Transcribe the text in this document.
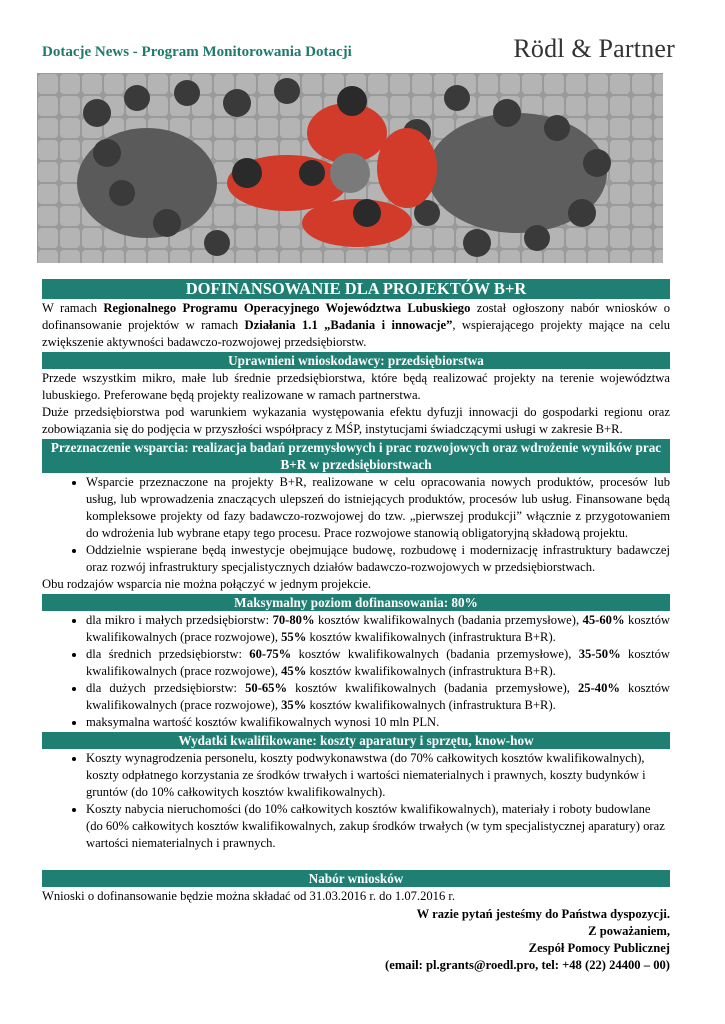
Dotacje News - Program Monitorowania Dotacji	Rödl & Partner
DOFINANSOWANIE DLA PROJEKTÓW B+R

W ramach Regionalnego Programu Operacyjnego Województwa Lubuskiego został ogłoszony nabór wniosków o dofinansowanie projektów w ramach Działania 1.1 „Badania i innowacje”, wspierającego projekty mające na celu zwiększenie aktywności badawczo-rozwojowej przedsiębiorstw.

Uprawnieni wnioskodawcy: przedsiębiorstwa

Przede wszystkim mikro, małe lub średnie przedsiębiorstwa, które będą realizować projekty na terenie województwa lubuskiego. Preferowane będą projekty realizowane w ramach partnerstwa.

Duże przedsiębiorstwa pod warunkiem wykazania występowania efektu dyfuzji innowacji do gospodarki regionu oraz zobowiązania się do podjęcia w przyszłości współpracy z MŚP, instytucjami świadczącymi usługi w zakresie B+R.

Przeznaczenie wsparcia: realizacja badań przemysłowych i prac rozwojowych oraz wdrożenie wyników prac B+R w przedsiębiorstwach
• Wsparcie przeznaczone na projekty B+R, realizowane w celu opracowania nowych produktów, procesów lub usług, lub wprowadzenia znaczących ulepszeń do istniejących produktów, procesów lub usług. Finansowane będą kompleksowe projekty od fazy badawczo-rozwojowej do tzw. „pierwszej produkcji” włącznie z przygotowaniem do wdrożenia lub wybrane etapy tego procesu. Prace rozwojowe stanowią obligatoryjną składową projektu.
• Oddzielnie wspierane będą inwestycje obejmujące budowę, rozbudowę i modernizację infrastruktury badawczej oraz rozwój infrastruktury specjalistycznych działów badawczo-rozwojowych w przedsiębiorstwach.

Obu rodzajów wsparcia nie można połączyć w jednym projekcie.

Maksymalny poziom dofinansowania: 80%
• dla mikro i małych przedsiębiorstw: 70-80% kosztów kwalifikowalnych (badania przemysłowe), 45-60% kosztów kwalifikowalnych (prace rozwojowe), 55% kosztów kwalifikowalnych (infrastruktura B+R).
• dla średnich przedsiębiorstw: 60-75% kosztów kwalifikowalnych (badania przemysłowe), 35-50% kosztów kwalifikowalnych (prace rozwojowe), 45% kosztów kwalifikowalnych (infrastruktura B+R).
• dla dużych przedsiębiorstw: 50-65% kosztów kwalifikowalnych (badania przemysłowe), 25-40% kosztów kwalifikowalnych (prace rozwojowe), 35% kosztów kwalifikowalnych (infrastruktura B+R).
• maksymalna wartość kosztów kwalifikowalnych wynosi 10 mln PLN.
Wydatki kwalifikowane: koszty aparatury i sprzętu, know-how
• Koszty wynagrodzenia personelu, koszty podwykonawstwa (do 70% całkowitych kosztów kwalifikowalnych), koszty odpłatnego korzystania ze środków trwałych i wartości niematerialnych i prawnych, koszty budynków i gruntów (do 10% całkowitych kosztów kwalifikowalnych).
• Koszty nabycia nieruchomości (do 10% całkowitych kosztów kwalifikowalnych), materiały i roboty budowlane (do 60% całkowitych kosztów kwalifikowalnych, zakup środków trwałych (w tym specjalistycznej aparatury) oraz wartości niematerialnych i prawnych.
Nabór wniosków

Wnioski o dofinansowanie będzie można składać od 31.03.2016 r. do 1.07.2016 r.

W razie pytań jesteśmy do Państwa dyspozycji.
Z poważaniem,
Zespół Pomocy Publicznej
(email: pl.grants@roedl.pro, tel: +48 (22) 24400 – 00)
